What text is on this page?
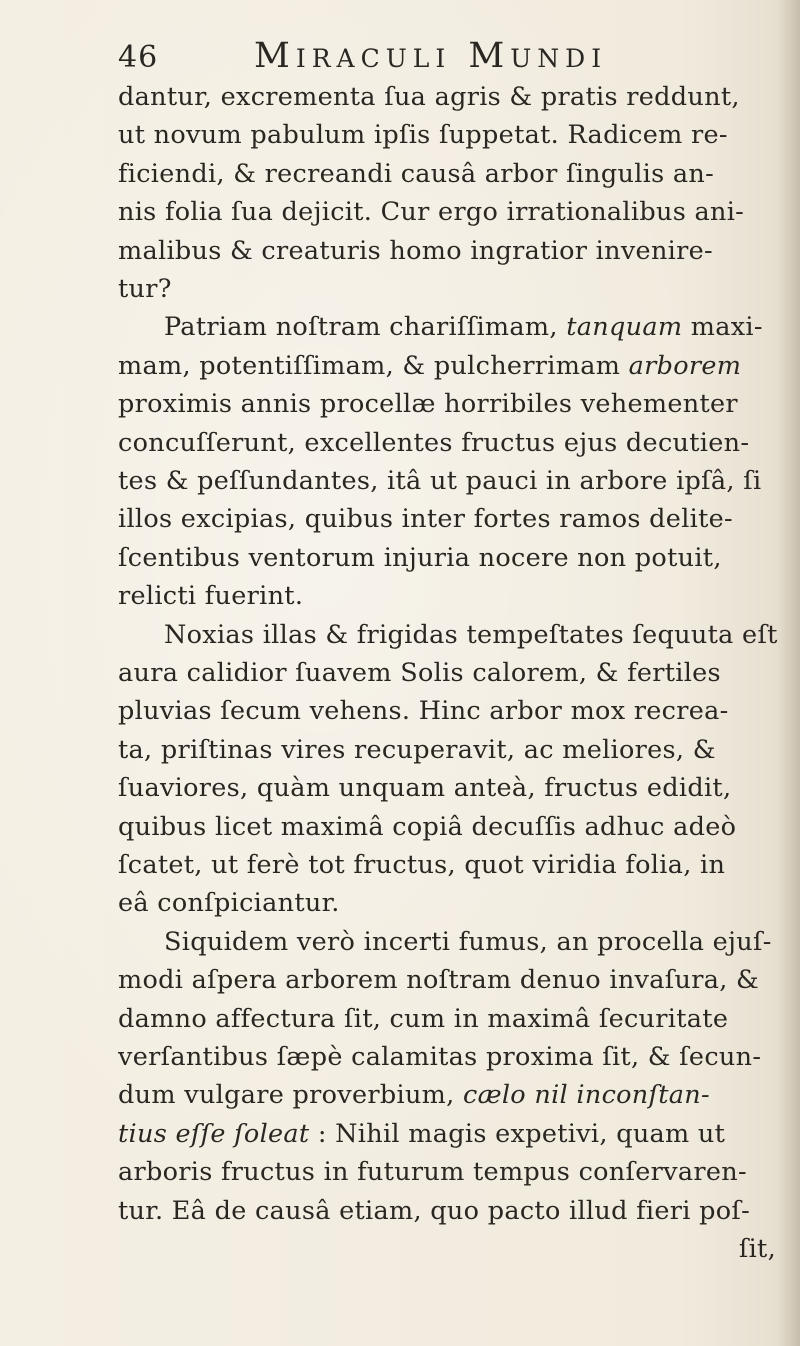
46	Miraculi Mundi
dantur, excrementa ſua agris & pratis reddunt,
ut novum pabulum ipſis ſuppetat. Radicem re-
ficiendi, & recreandi causâ arbor ſingulis an-
nis folia ſua dejicit. Cur ergo irrationalibus ani-
malibus & creaturis homo ingratior invenire-
tur?
Patriam noſtram chariſſimam, tanquam maxi-
mam, potentiſſimam, & pulcherrimam arborem
proximis annis procellæ horribiles vehementer
concuſſerunt, excellentes fructus ejus decutien-
tes & peſſundantes, itâ ut pauci in arbore ipſâ, ſi
illos excipias, quibus inter fortes ramos delite-
ſcentibus ventorum injuria nocere non potuit,
relicti fuerint.
Noxias illas & frigidas tempeſtates ſequuta eſt
aura calidior ſuavem Solis calorem, & fertiles
pluvias ſecum vehens. Hinc arbor mox recrea-
ta, priſtinas vires recuperavit, ac meliores, &
ſuaviores, quàm unquam anteà, fructus edidit,
quibus licet maximâ copiâ decuſſis adhuc adeò
ſcatet, ut ferè tot fructus, quot viridia folia, in
eâ conſpiciantur.
Siquidem verò incerti fumus, an procella ejuſ-
modi aſpera arborem noſtram denuo invaſura, &
damno affectura ſit, cum in maximâ ſecuritate
verſantibus ſæpè calamitas proxima ſit, & ſecun-
dum vulgare proverbium, cælo nil inconſtan-
tius eſſe ſoleat : Nihil magis expetivi, quam ut
arboris fructus in futurum tempus conſervaren-
tur. Eâ de causâ etiam, quo pacto illud fieri poſ-
ſit,
